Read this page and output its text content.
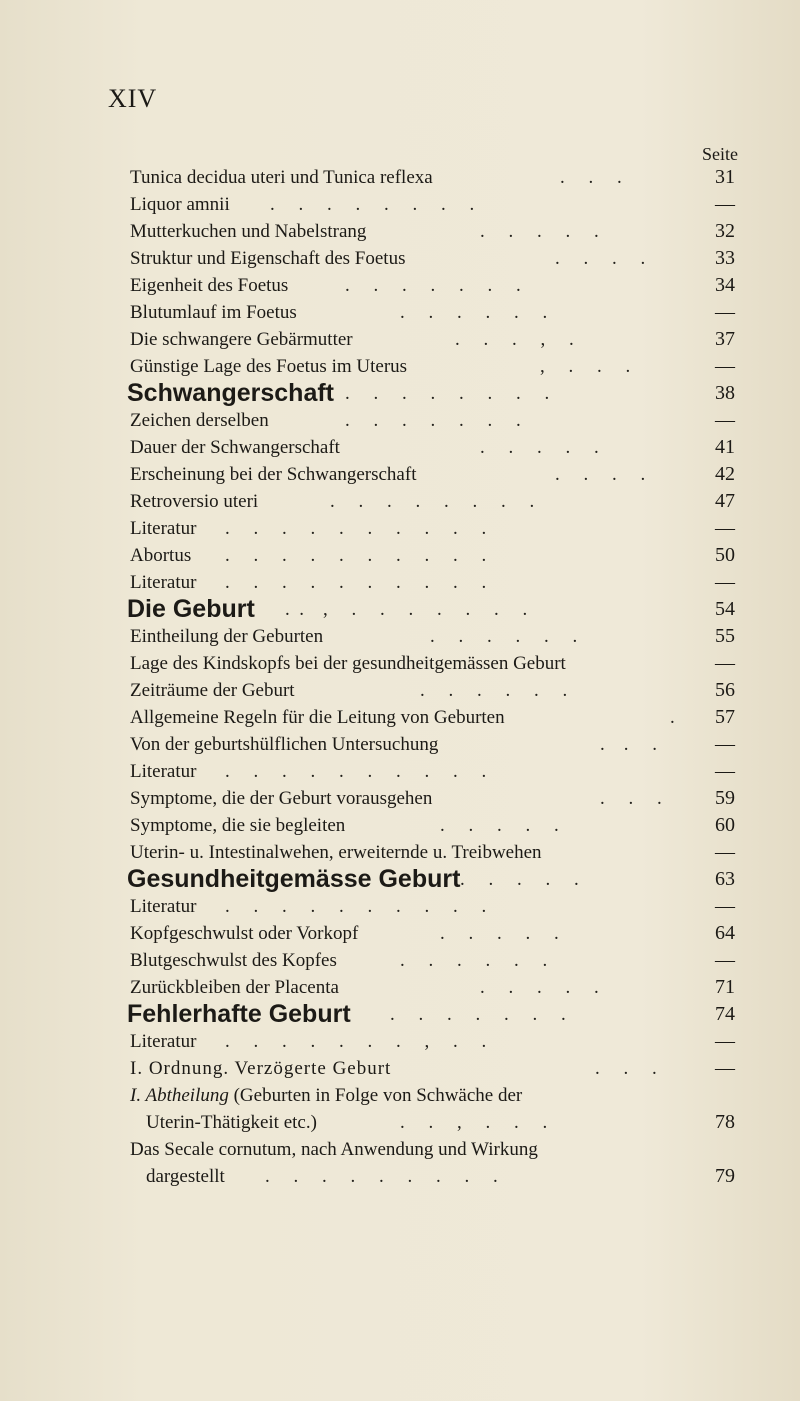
XIV
Seite
Tunica decidua uteri und Tunica reflexa	.     .     .	31
Liquor amnii .     .     .     .     .     .     .     .	—
Mutterkuchen und Nabelstrang	.     .     .     .     .	32
Struktur und Eigenschaft des Foetus	.     .     .     .	33
Eigenheit des Foetus	.     .     .     .     .     .     .	34
Blutumlauf im Foetus	.     .     .     .     .     .	—
Die schwangere Gebärmutter	.     .     .     ,     .	37
Günstige Lage des Foetus im Uterus	,     .     .     .	—
Schwangerschaft .     .     .     .     .     .     .     .	38
Zeichen derselben	.     .     .     .     .     .     .	—
Dauer der Schwangerschaft	.     .     .     .     .	41
Erscheinung bei der Schwangerschaft	.     .     .     .	42
Retroversio uteri	.     .     .     .     .     .     .     .	47
Literatur .     .     .     .     .     .     .     .     .     .	—
Abortus .     .     .     .     .     .     .     .     .     .	50
Literatur .     .     .     .     .     .     .     .     .     .	—
Die Geburt .  .    ,     .     .     .     .     .     .     .	54
Eintheilung der Geburten	.     .     .     .     .     .	55
Lage des Kindskopfs bei der gesundheitgemässen Geburt	—
Zeiträume der Geburt	.     .     .     .     .     .	56
Allgemeine Regeln für die Leitung von Geburten	.	57
Von der geburtshülflichen Untersuchung	.    .     .	—
Literatur .     .     .     .     .     .     .     .     .     .	—
Symptome, die der Geburt vorausgehen	.     .     .	59
Symptome, die sie begleiten	.     .     .     .     .	60
Uterin- u. Intestinalwehen, erweiternde u. Treibwehen	—
Gesundheitgemässe Geburt .     .     .     .     .	63
Literatur .     .     .     .     .     .     .     .     .     .	—
Kopfgeschwulst oder Vorkopf	.     .     .     .     .	64
Blutgeschwulst des Kopfes	.     .     .     .     .     .	—
Zurückbleiben der Placenta	.     .     .     .     .	71
Fehlerhafte Geburt .     .     .     .     .     .     .	74
Literatur .     .     .     .     .     .     .     ,     .     .	—
I. Ordnung. Verzögerte Geburt	.     .     .	—
I. Abtheilung (Geburten in Folge von Schwäche der
Uterin-Thätigkeit etc.)	.     .     ,     .     .     .	78
Das Secale cornutum, nach Anwendung und Wirkung
dargestellt .     .     .     .     .     .     .     .     .	79
